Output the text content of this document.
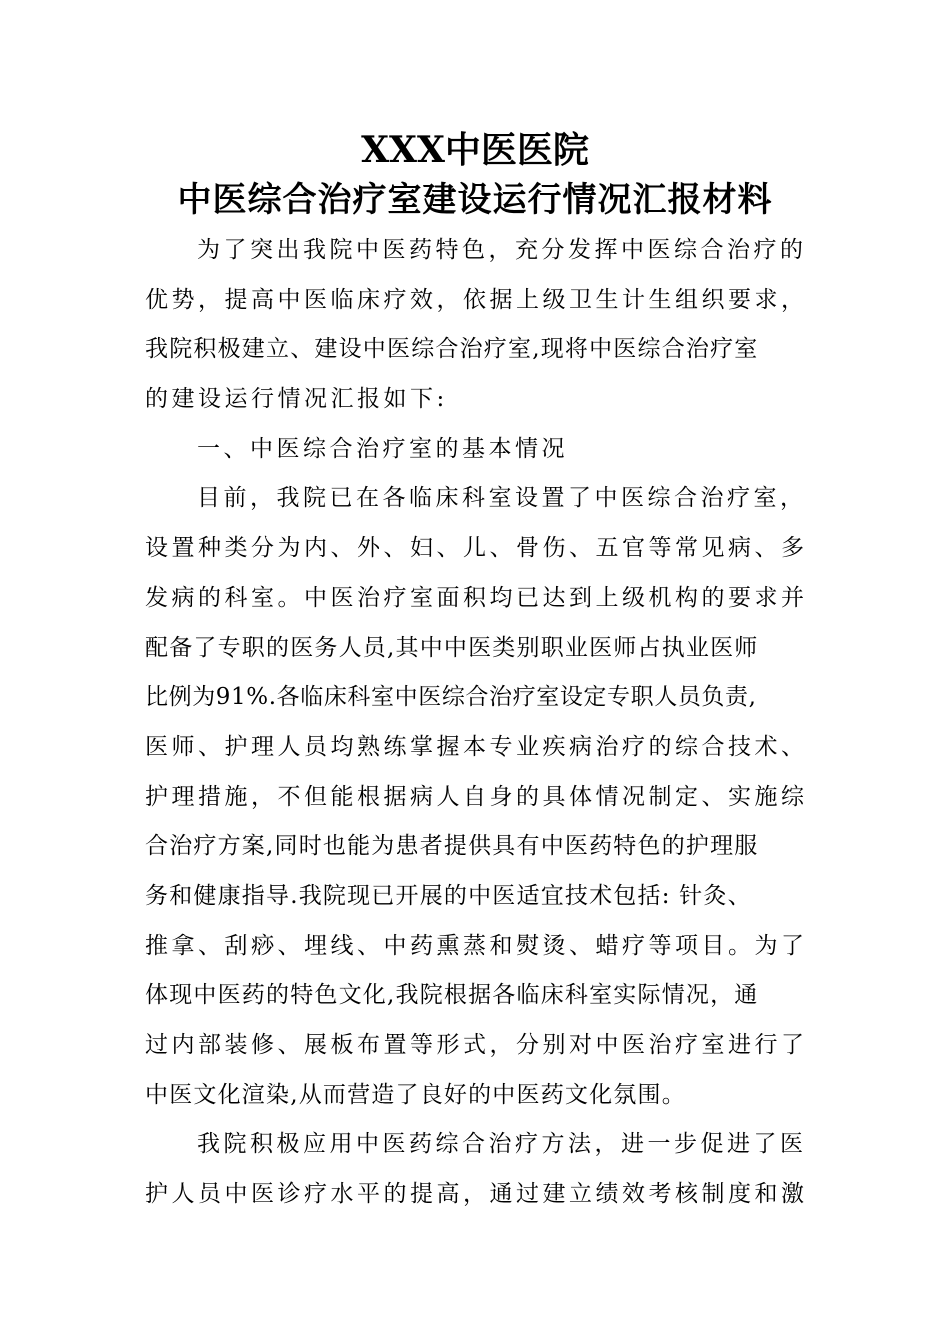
XXX中医医院
中医综合治疗室建设运行情况汇报材料
为了突出我院中医药特色，充分发挥中医综合治疗的
优势，提高中医临床疗效，依据上级卫生计生组织要求，
我院积极建立、建设中医综合治疗室,现将中医综合治疗室
的建设运行情况汇报如下:
一、中医综合治疗室的基本情况
目前，我院已在各临床科室设置了中医综合治疗室，
设置种类分为内、外、妇、儿、骨伤、五官等常见病、多
发病的科室。中医治疗室面积均已达到上级机构的要求并
配备了专职的医务人员,其中中医类别职业医师占执业医师
比例为91%.各临床科室中医综合治疗室设定专职人员负责,
医师、护理人员均熟练掌握本专业疾病治疗的综合技术、
护理措施，不但能根据病人自身的具体情况制定、实施综
合治疗方案,同时也能为患者提供具有中医药特色的护理服
务和健康指导.我院现已开展的中医适宜技术包括: 针灸、
推拿、刮痧、埋线、中药熏蒸和熨烫、蜡疗等项目。为了
体现中医药的特色文化,我院根据各临床科室实际情况，通
过内部装修、展板布置等形式，分别对中医治疗室进行了
中医文化渲染,从而营造了良好的中医药文化氛围。
我院积极应用中医药综合治疗方法，进一步促进了医
护人员中医诊疗水平的提高，通过建立绩效考核制度和激
